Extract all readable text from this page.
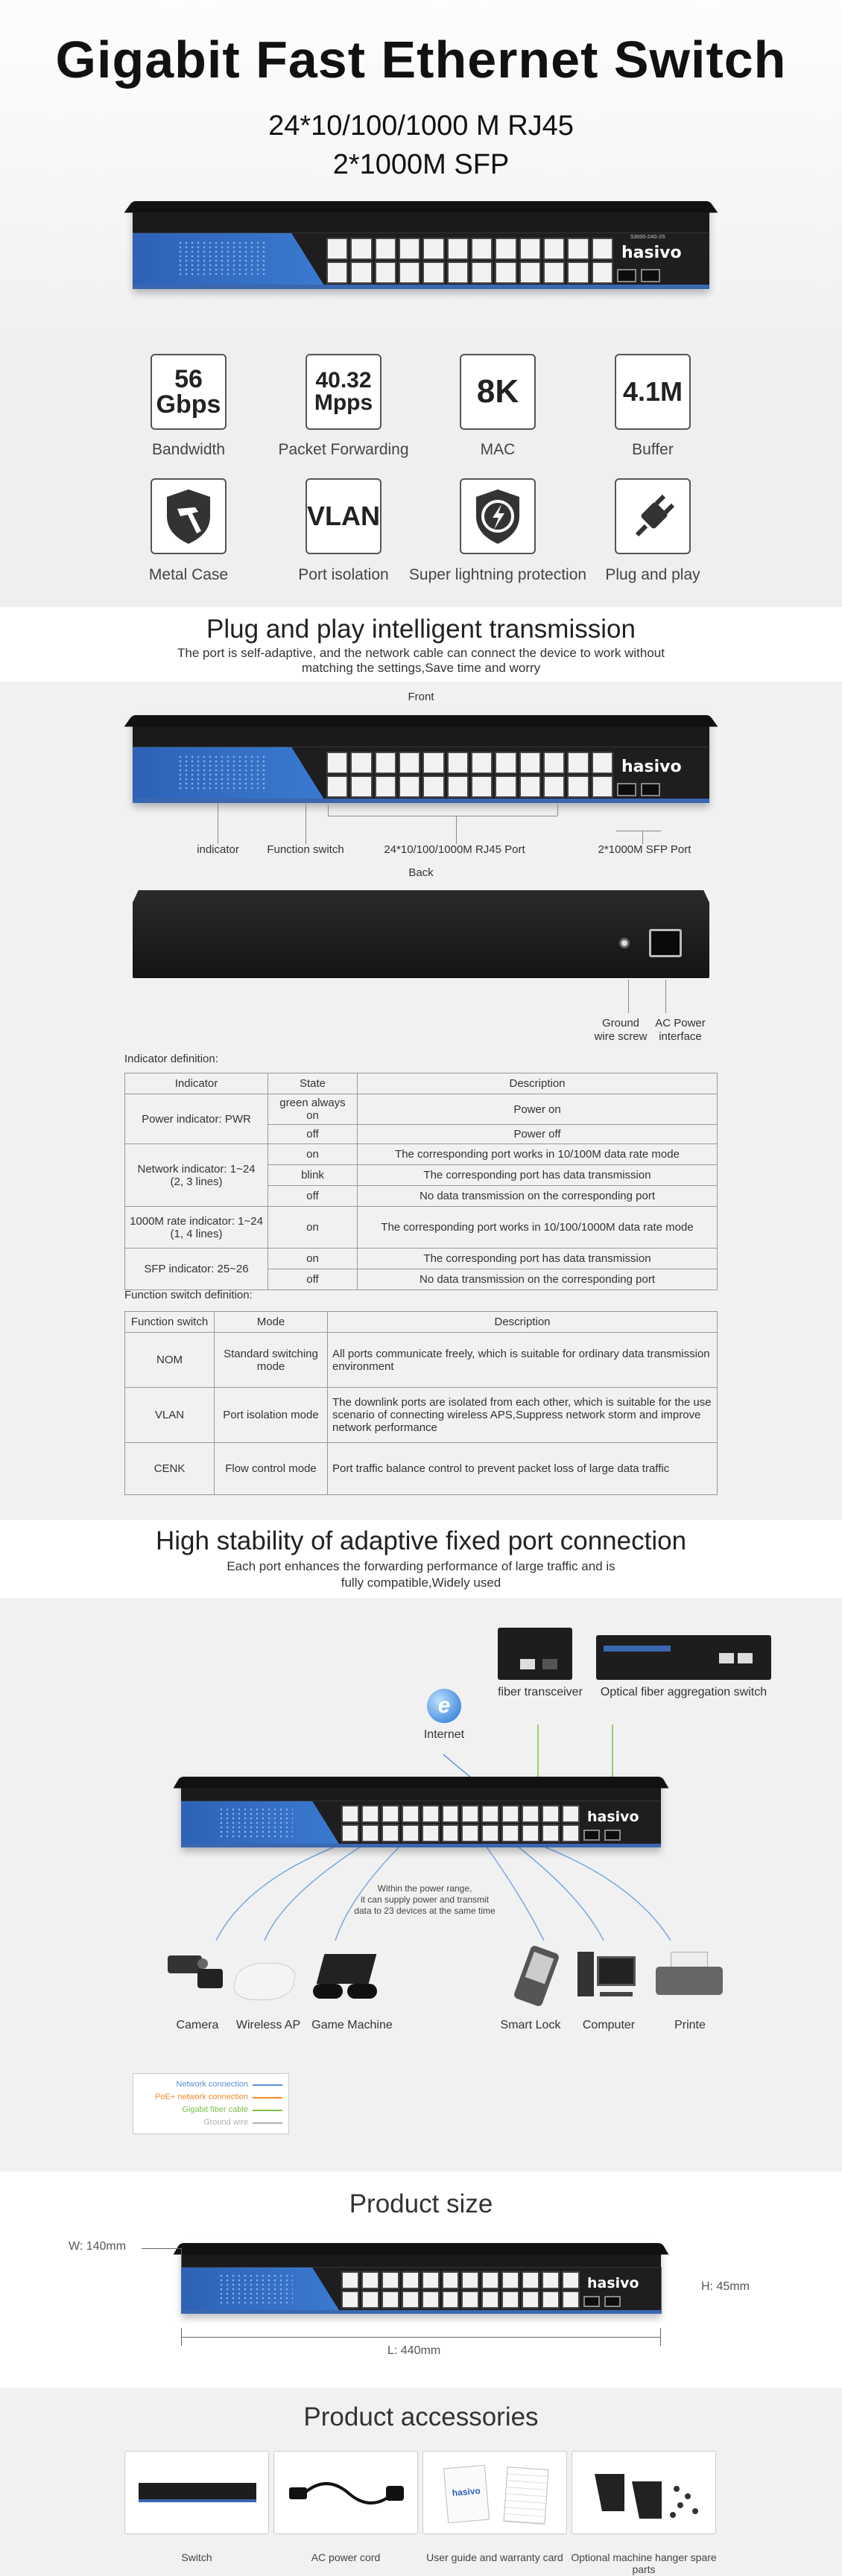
Gigabit Fast Ethernet Switch
24*10/100/1000 M RJ45
2*1000M SFP
hasivo
S3000-24G-2S
56
Gbps
40.32
Mpps	8K	4.1M
Bandwidth	Packet Forwarding	MAC	Buffer
VLAN
Metal Case	Port isolation	Super lightning protection	Plug and play
Plug and play intelligent transmission
The port is self-adaptive, and the network cable can connect the device to work without
matching the settings,Save time and worry
Front
hasivo
indicator	Function switch	24*10/100/1000M RJ45 Port	2*1000M SFP Port
Back
Ground
wire screw
AC Power
interface
Indicator definition:
Indicator	State	Description
Power indicator: PWR	green always on	Power on
	off	Power off
Network indicator: 1~24 (2, 3 lines)	on	The corresponding port works in 10/100M data rate mode
	blink	The corresponding port has data transmission
	off	No data transmission on the corresponding port
1000M rate indicator: 1~24 (1, 4 lines)	on	The corresponding port works in 10/100/1000M data rate mode
SFP indicator: 25~26	on	The corresponding port has data transmission
	off	No data transmission on the corresponding port
Function switch definition:
Function switch	Mode	Description
NOM	Standard switching mode	All ports communicate freely, which is suitable for ordinary data transmission environment
VLAN	Port isolation mode	The downlink ports are isolated from each other, which is suitable for the use scenario of connecting wireless APS,Suppress network storm and improve network performance
CENK	Flow control mode	Port traffic balance control to prevent packet loss of large data traffic
High stability of adaptive fixed port connection
Each port enhances the forwarding performance of large traffic and is
fully compatible,Widely used
fiber transceiver	Optical fiber aggregation switch
e
Internet
hasivo
Within the power range,
it can supply power and transmit
data to 23 devices at the same time
Camera	Wireless AP Game Machine	Smart Lock	Computer	Printe
Network connection
PoE+ network connection
Gigabit fiber cable
Ground wire
Product size
hasivo
W: 140mm
H: 45mm
L: 440mm
Product accessories
hasivo
Switch	AC power cord	User guide and warranty card Optional machine hanger spare parts
